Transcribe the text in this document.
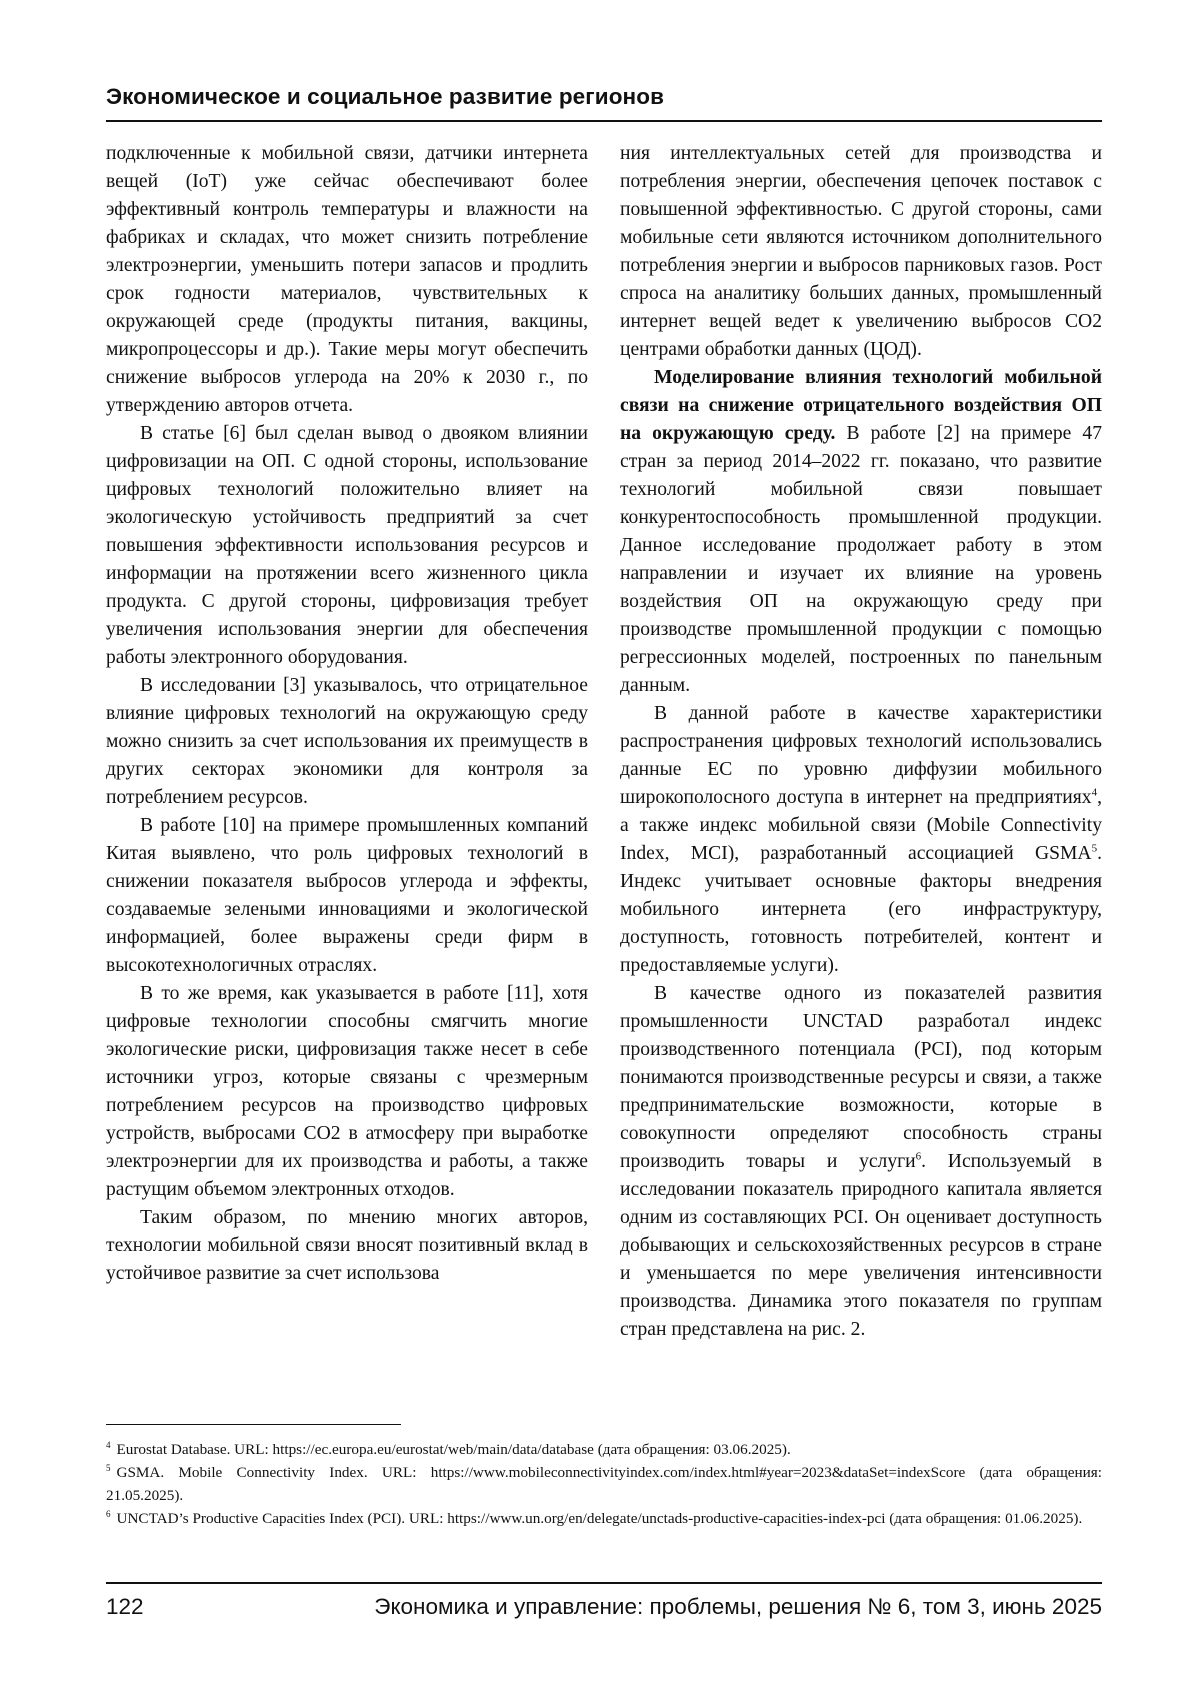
Экономическое и социальное развитие регионов

подключенные к мобильной связи, датчики интернета вещей (IoT) уже сейчас обеспечивают более эффективный контроль температуры и влажности на фабриках и складах, что может снизить потребление электроэнергии, уменьшить потери запасов и продлить срок годности материалов, чувствительных к окружающей среде (продукты питания, вакцины, микропроцессоры и др.). Такие меры могут обеспечить снижение выбросов углерода на 20% к 2030 г., по утверждению авторов отчета.

В статье [6] был сделан вывод о двояком влиянии цифровизации на ОП. С одной стороны, использование цифровых технологий положительно влияет на экологическую устойчивость предприятий за счет повышения эффективности использования ресурсов и информации на протяжении всего жизненного цикла продукта. С другой стороны, цифровизация требует увеличения использования энергии для обеспечения работы электронного оборудования.

В исследовании [3] указывалось, что отрицательное влияние цифровых технологий на окружающую среду можно снизить за счет использования их преимуществ в других секторах экономики для контроля за потреблением ресурсов.

В работе [10] на примере промышленных компаний Китая выявлено, что роль цифровых технологий в снижении показателя выбросов углерода и эффекты, создаваемые зелеными инновациями и экологической информацией, более выражены среди фирм в высокотехнологичных отраслях.

В то же время, как указывается в работе [11], хотя цифровые технологии способны смягчить многие экологические риски, цифровизация также несет в себе источники угроз, которые связаны с чрезмерным потреблением ресурсов на производство цифровых устройств, выбросами CO2 в атмосферу при выработке электроэнергии для их производства и работы, а также растущим объемом электронных отходов.

Таким образом, по мнению многих авторов, технологии мобильной связи вносят позитивный вклад в устойчивое развитие за счет использова

ния интеллектуальных сетей для производства и потребления энергии, обеспечения цепочек поставок с повышенной эффективностью. С другой стороны, сами мобильные сети являются источником дополнительного потребления энергии и выбросов парниковых газов. Рост спроса на аналитику больших данных, промышленный интернет вещей ведет к увеличению выбросов CO2 центрами обработки данных (ЦОД).

Моделирование влияния технологий мобильной связи на снижение отрицательного воздействия ОП на окружающую среду. В работе [2] на примере 47 стран за период 2014–2022 гг. показано, что развитие технологий мобильной связи повышает конкурентоспособность промышленной продукции. Данное исследование продолжает работу в этом направлении и изучает их влияние на уровень воздействия ОП на окружающую среду при производстве промышленной продукции с помощью регрессионных моделей, построенных по панельным данным.

В данной работе в качестве характеристики распространения цифровых технологий использовались данные ЕС по уровню диффузии мобильного широкополосного доступа в интернет на предприятиях$^4$, а также индекс мобильной связи (Mobile Connectivity Index, MCI), разработанный ассоциацией GSMA$^5$. Индекс учитывает основные факторы внедрения мобильного интернета (его инфраструктуру, доступность, готовность потребителей, контент и предоставляемые услуги).

В качестве одного из показателей развития промышленности UNCTAD разработал индекс производственного потенциала (PCI), под которым понимаются производственные ресурсы и связи, а также предпринимательские возможности, которые в совокупности определяют способность страны производить товары и услуги$^6$. Используемый в исследовании показатель природного капитала является одним из составляющих PCI. Он оценивает доступность добывающих и сельскохозяйственных ресурсов в стране и уменьшается по мере увеличения интенсивности производства. Динамика этого показателя по группам стран представлена на рис. 2.

$^4$ Eurostat Database. URL: https://ec.europa.eu/eurostat/web/main/data/database (дата обращения: 03.06.2025).

$^5$ GSMA. Mobile Connectivity Index. URL: https://www.mobileconnectivityindex.com/index.html#year=2023&dataSet=indexScore (дата обращения: 21.05.2025).

$^6$ UNCTAD’s Productive Capacities Index (PCI). URL: https://www.un.org/en/delegate/unctads-productive-capacities-index-pci (дата обращения: 01.06.2025).

122	Экономика и управление: проблемы, решения № 6, том 3, июнь 2025
